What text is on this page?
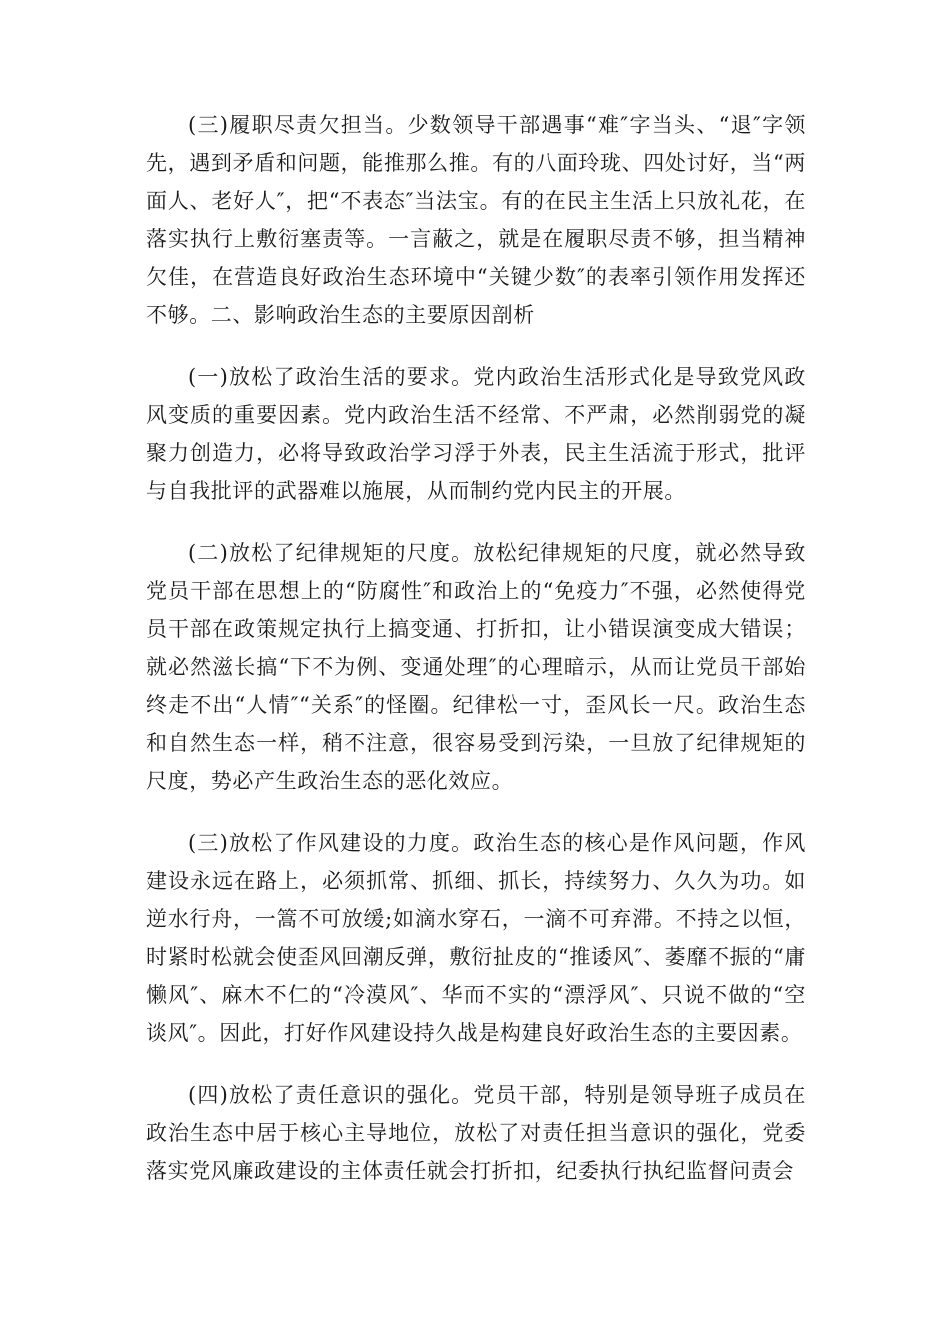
(三)履职尽责欠担当。少数领导干部遇事“难″字当头、“退″字领先，遇到矛盾和问题，能推那么推。有的八面玲珑、四处讨好，当“两面人、老好人″，把“不表态″当法宝。有的在民主生活上只放礼花，在落实执行上敷衍塞责等。一言蔽之，就是在履职尽责不够，担当精神欠佳，在营造良好政治生态环境中“关键少数″的表率引领作用发挥还不够。二、影响政治生态的主要原因剖析

(一)放松了政治生活的要求。党内政治生活形式化是导致党风政风变质的重要因素。党内政治生活不经常、不严肃，必然削弱党的凝聚力创造力，必将导致政治学习浮于外表，民主生活流于形式，批评与自我批评的武器难以施展，从而制约党内民主的开展。

(二)放松了纪律规矩的尺度。放松纪律规矩的尺度，就必然导致党员干部在思想上的“防腐性″和政治上的“免疫力″不强，必然使得党员干部在政策规定执行上搞变通、打折扣，让小错误演变成大错误；就必然滋长搞“下不为例、变通处理″的心理暗示，从而让党员干部始终走不出“人情″“关系″的怪圈。纪律松一寸，歪风长一尺。政治生态和自然生态一样，稍不注意，很容易受到污染，一旦放了纪律规矩的尺度，势必产生政治生态的恶化效应。

(三)放松了作风建设的力度。政治生态的核心是作风问题，作风建设永远在路上，必须抓常、抓细、抓长，持续努力、久久为功。如逆水行舟，一篙不可放缓;如滴水穿石，一滴不可弃滞。不持之以恒，时紧时松就会使歪风回潮反弹，敷衍扯皮的“推诿风″、萎靡不振的“庸懒风″、麻木不仁的“冷漠风″、华而不实的“漂浮风″、只说不做的“空谈风″。因此，打好作风建设持久战是构建良好政治生态的主要因素。

(四)放松了责任意识的强化。党员干部，特别是领导班子成员在政治生态中居于核心主导地位，放松了对责任担当意识的强化，党委落实党风廉政建设的主体责任就会打折扣，纪委执行执纪监督问责会
